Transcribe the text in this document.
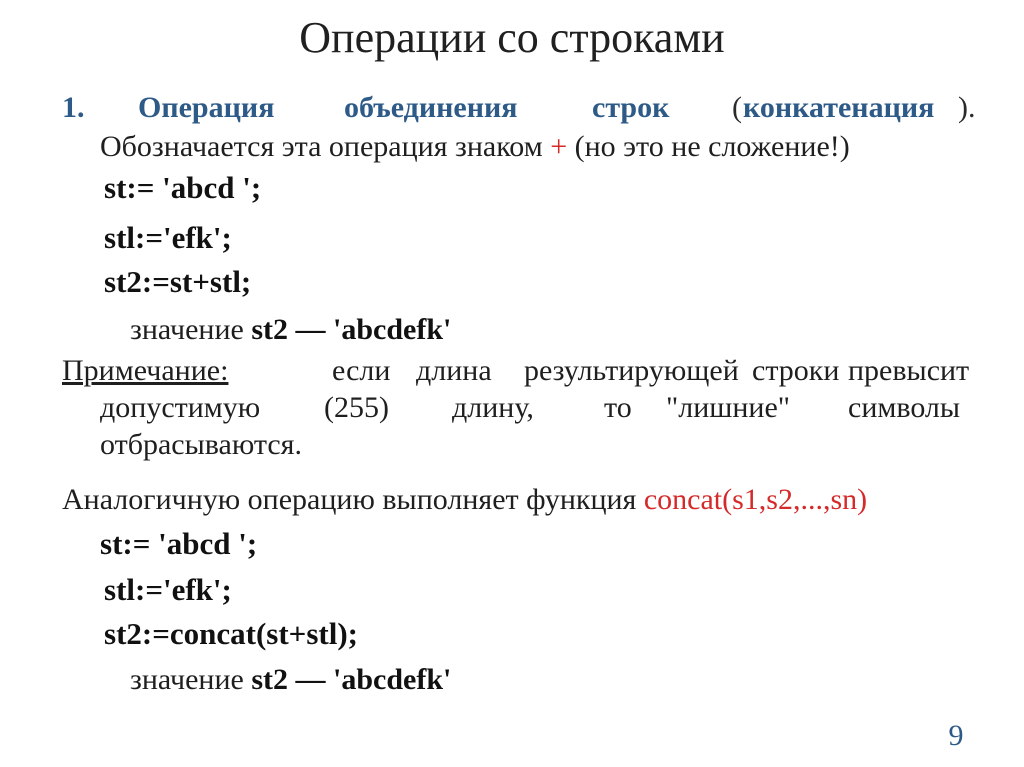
Операции со строками
1. Операция объединения строк ( конкатенация ).
Обозначается эта операция знаком + (но это не сложение!)
st:= 'abcd ';
stl:='efk';
st2:=st+stl;
значение st2 — 'abcdefk'
Примечание:	если длина результирующей строки превысит
допустимую (255) длину, то "лишние" символы
отбрасываются.
Аналогичную операцию выполняет функция concat(s1,s2,...,sn)
st:= 'abcd ';
stl:='efk';
st2:=concat(st+stl);
значение st2 — 'abcdefk'
9
